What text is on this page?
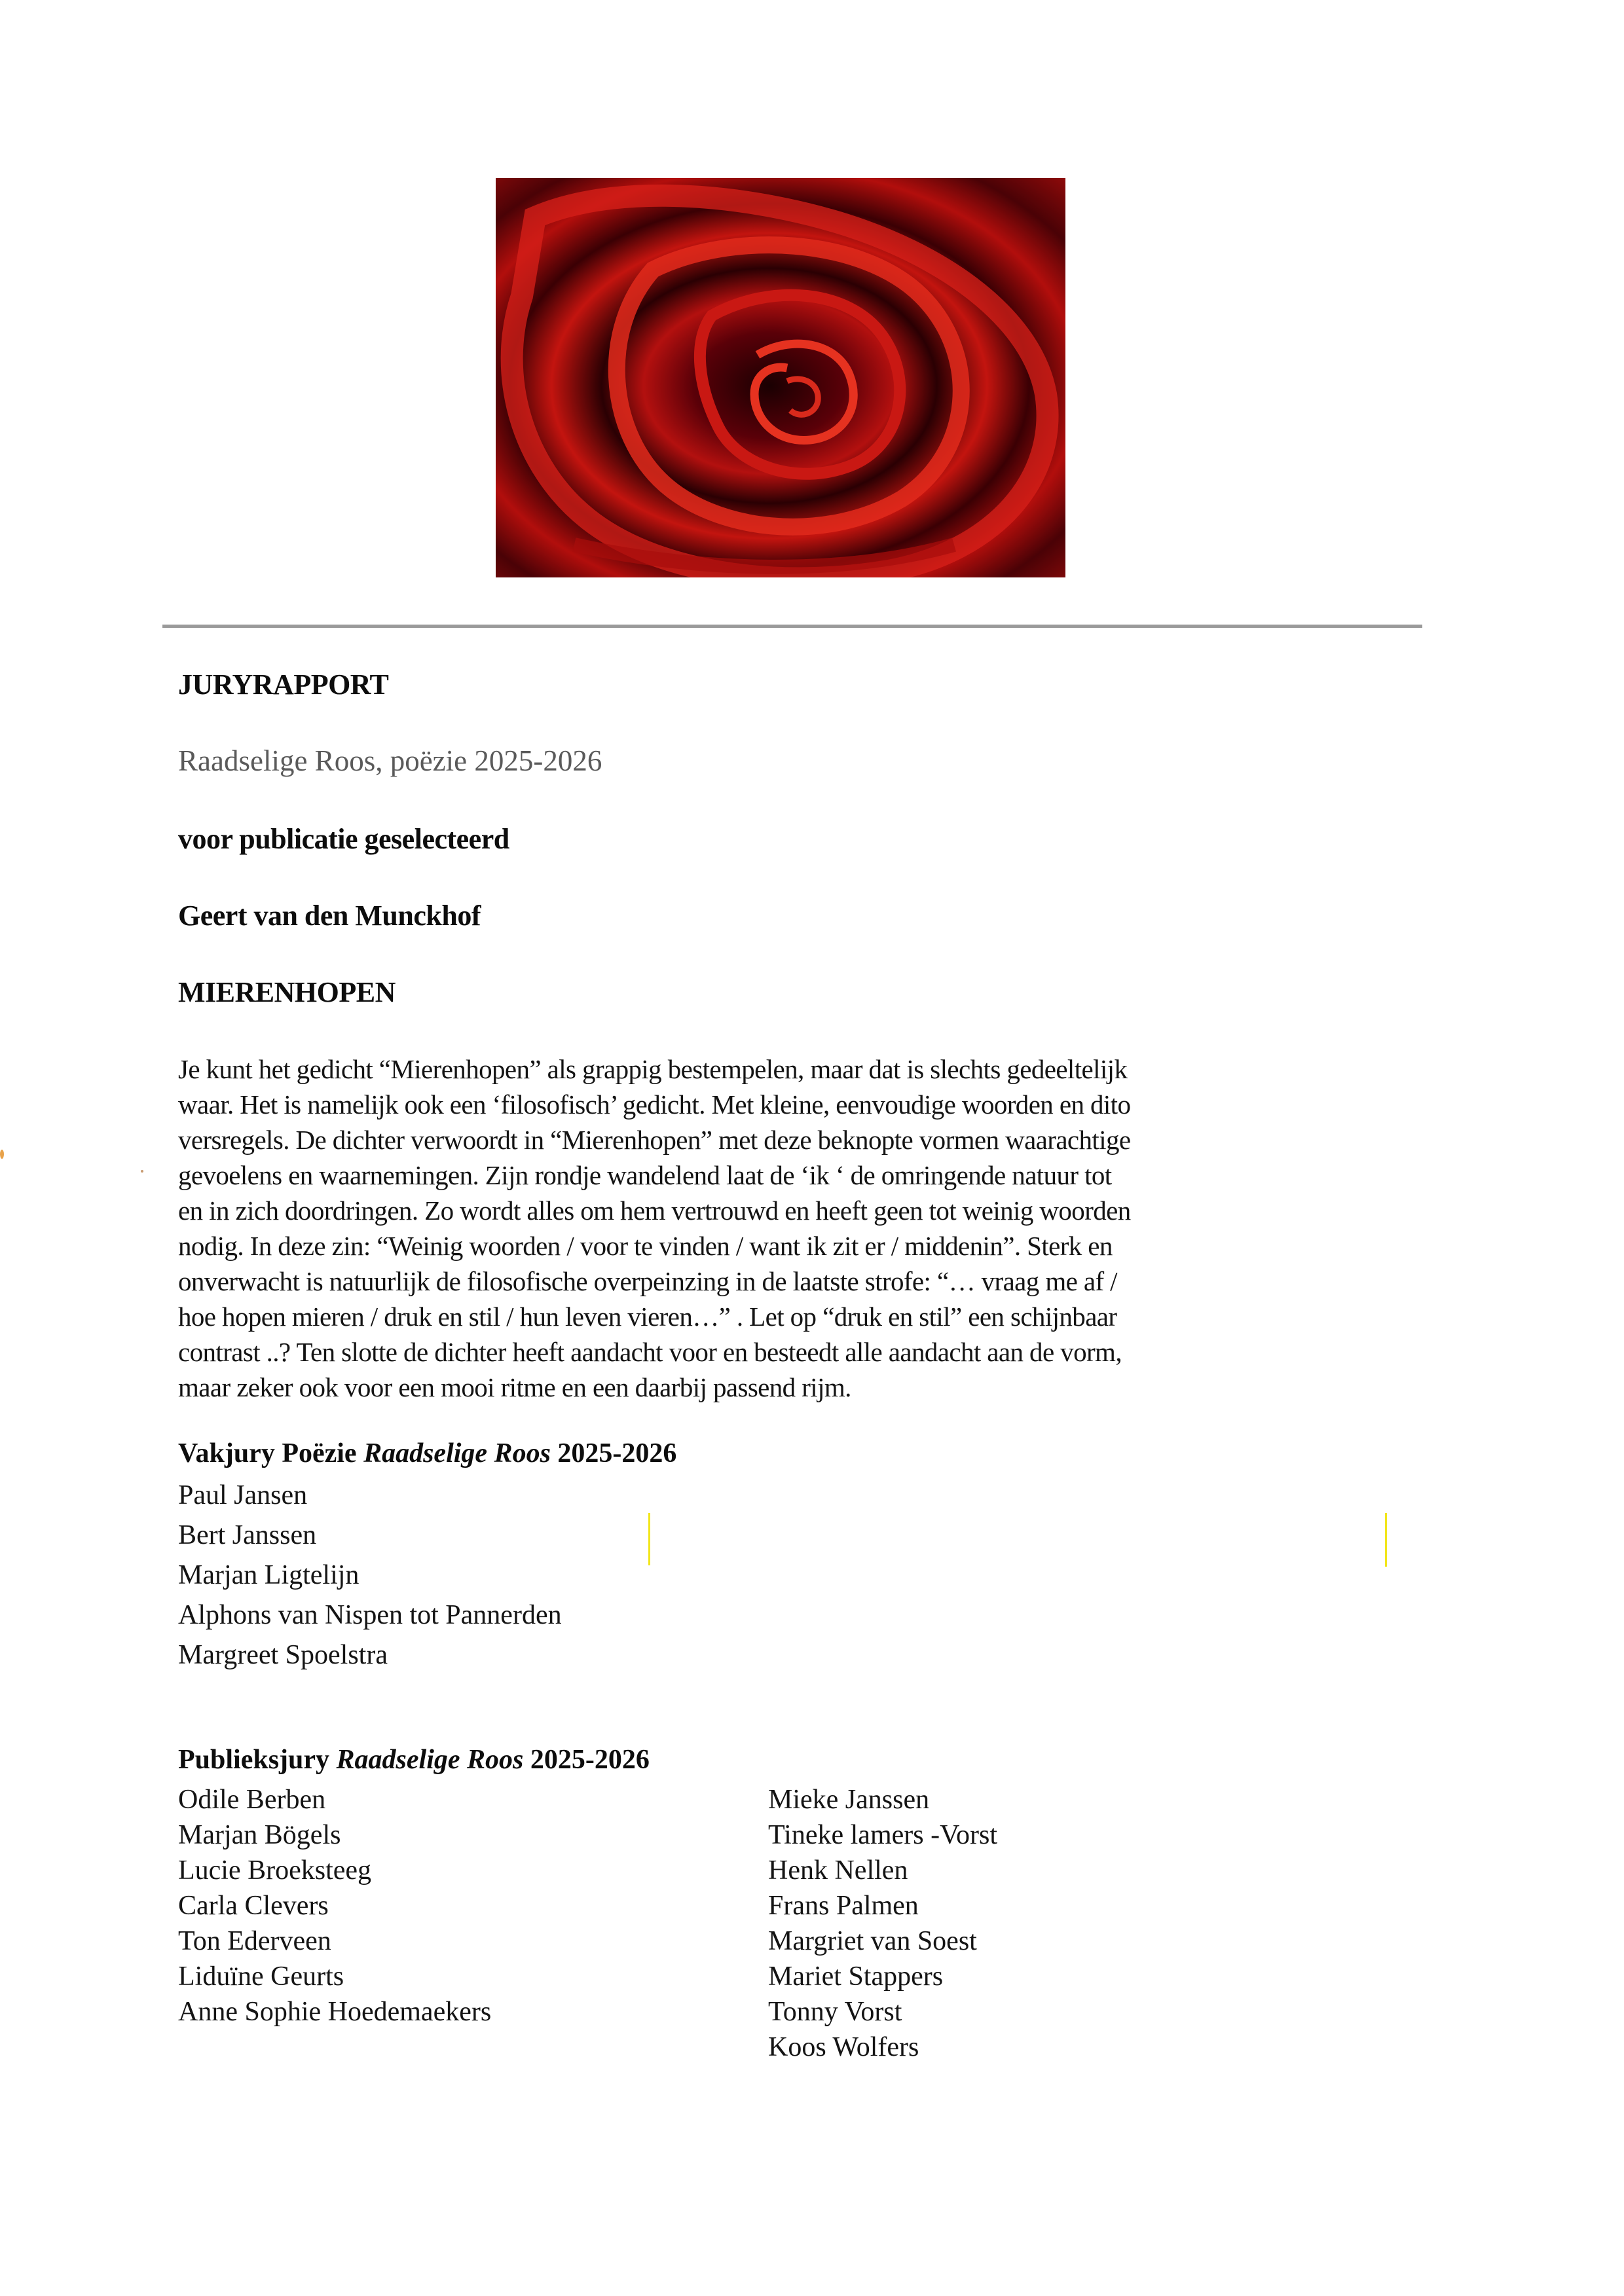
JURYRAPPORT
Raadselige Roos, poëzie 2025-2026
voor publicatie geselecteerd
Geert van den Munckhof
MIERENHOPEN
Je kunt het gedicht “Mierenhopen” als grappig bestempelen, maar dat is slechts gedeeltelijk
waar. Het is namelijk ook een ‘filosofisch’ gedicht. Met kleine, eenvoudige woorden en dito
versregels. De dichter verwoordt in “Mierenhopen” met deze beknopte vormen waarachtige
gevoelens en waarnemingen. Zijn rondje wandelend laat de ‘ik ‘ de omringende natuur tot
en in zich doordringen. Zo wordt alles om hem vertrouwd en heeft geen tot weinig woorden
nodig. In deze zin: “Weinig woorden / voor te vinden / want ik zit er / middenin”. Sterk en
onverwacht is natuurlijk de filosofische overpeinzing in de laatste strofe: “… vraag me af /
hoe hopen mieren / druk en stil / hun leven vieren…” . Let op “druk en stil” een schijnbaar
contrast ..? Ten slotte de dichter heeft aandacht voor en besteedt alle aandacht aan de vorm,
maar zeker ook voor een mooi ritme en een daarbij passend rijm.
Vakjury Poëzie Raadselige Roos 2025-2026
Paul Jansen
Bert Janssen
Marjan Ligtelijn
Alphons van Nispen tot Pannerden
Margreet Spoelstra
Publieksjury Raadselige Roos 2025-2026
Odile Berben
Marjan Bögels
Lucie Broeksteeg
Carla Clevers
Ton Ederveen
Liduïne Geurts
Anne Sophie Hoedemaekers
Mieke Janssen
Tineke lamers -Vorst
Henk Nellen
Frans Palmen
Margriet van Soest
Mariet Stappers
Tonny Vorst
Koos Wolfers
